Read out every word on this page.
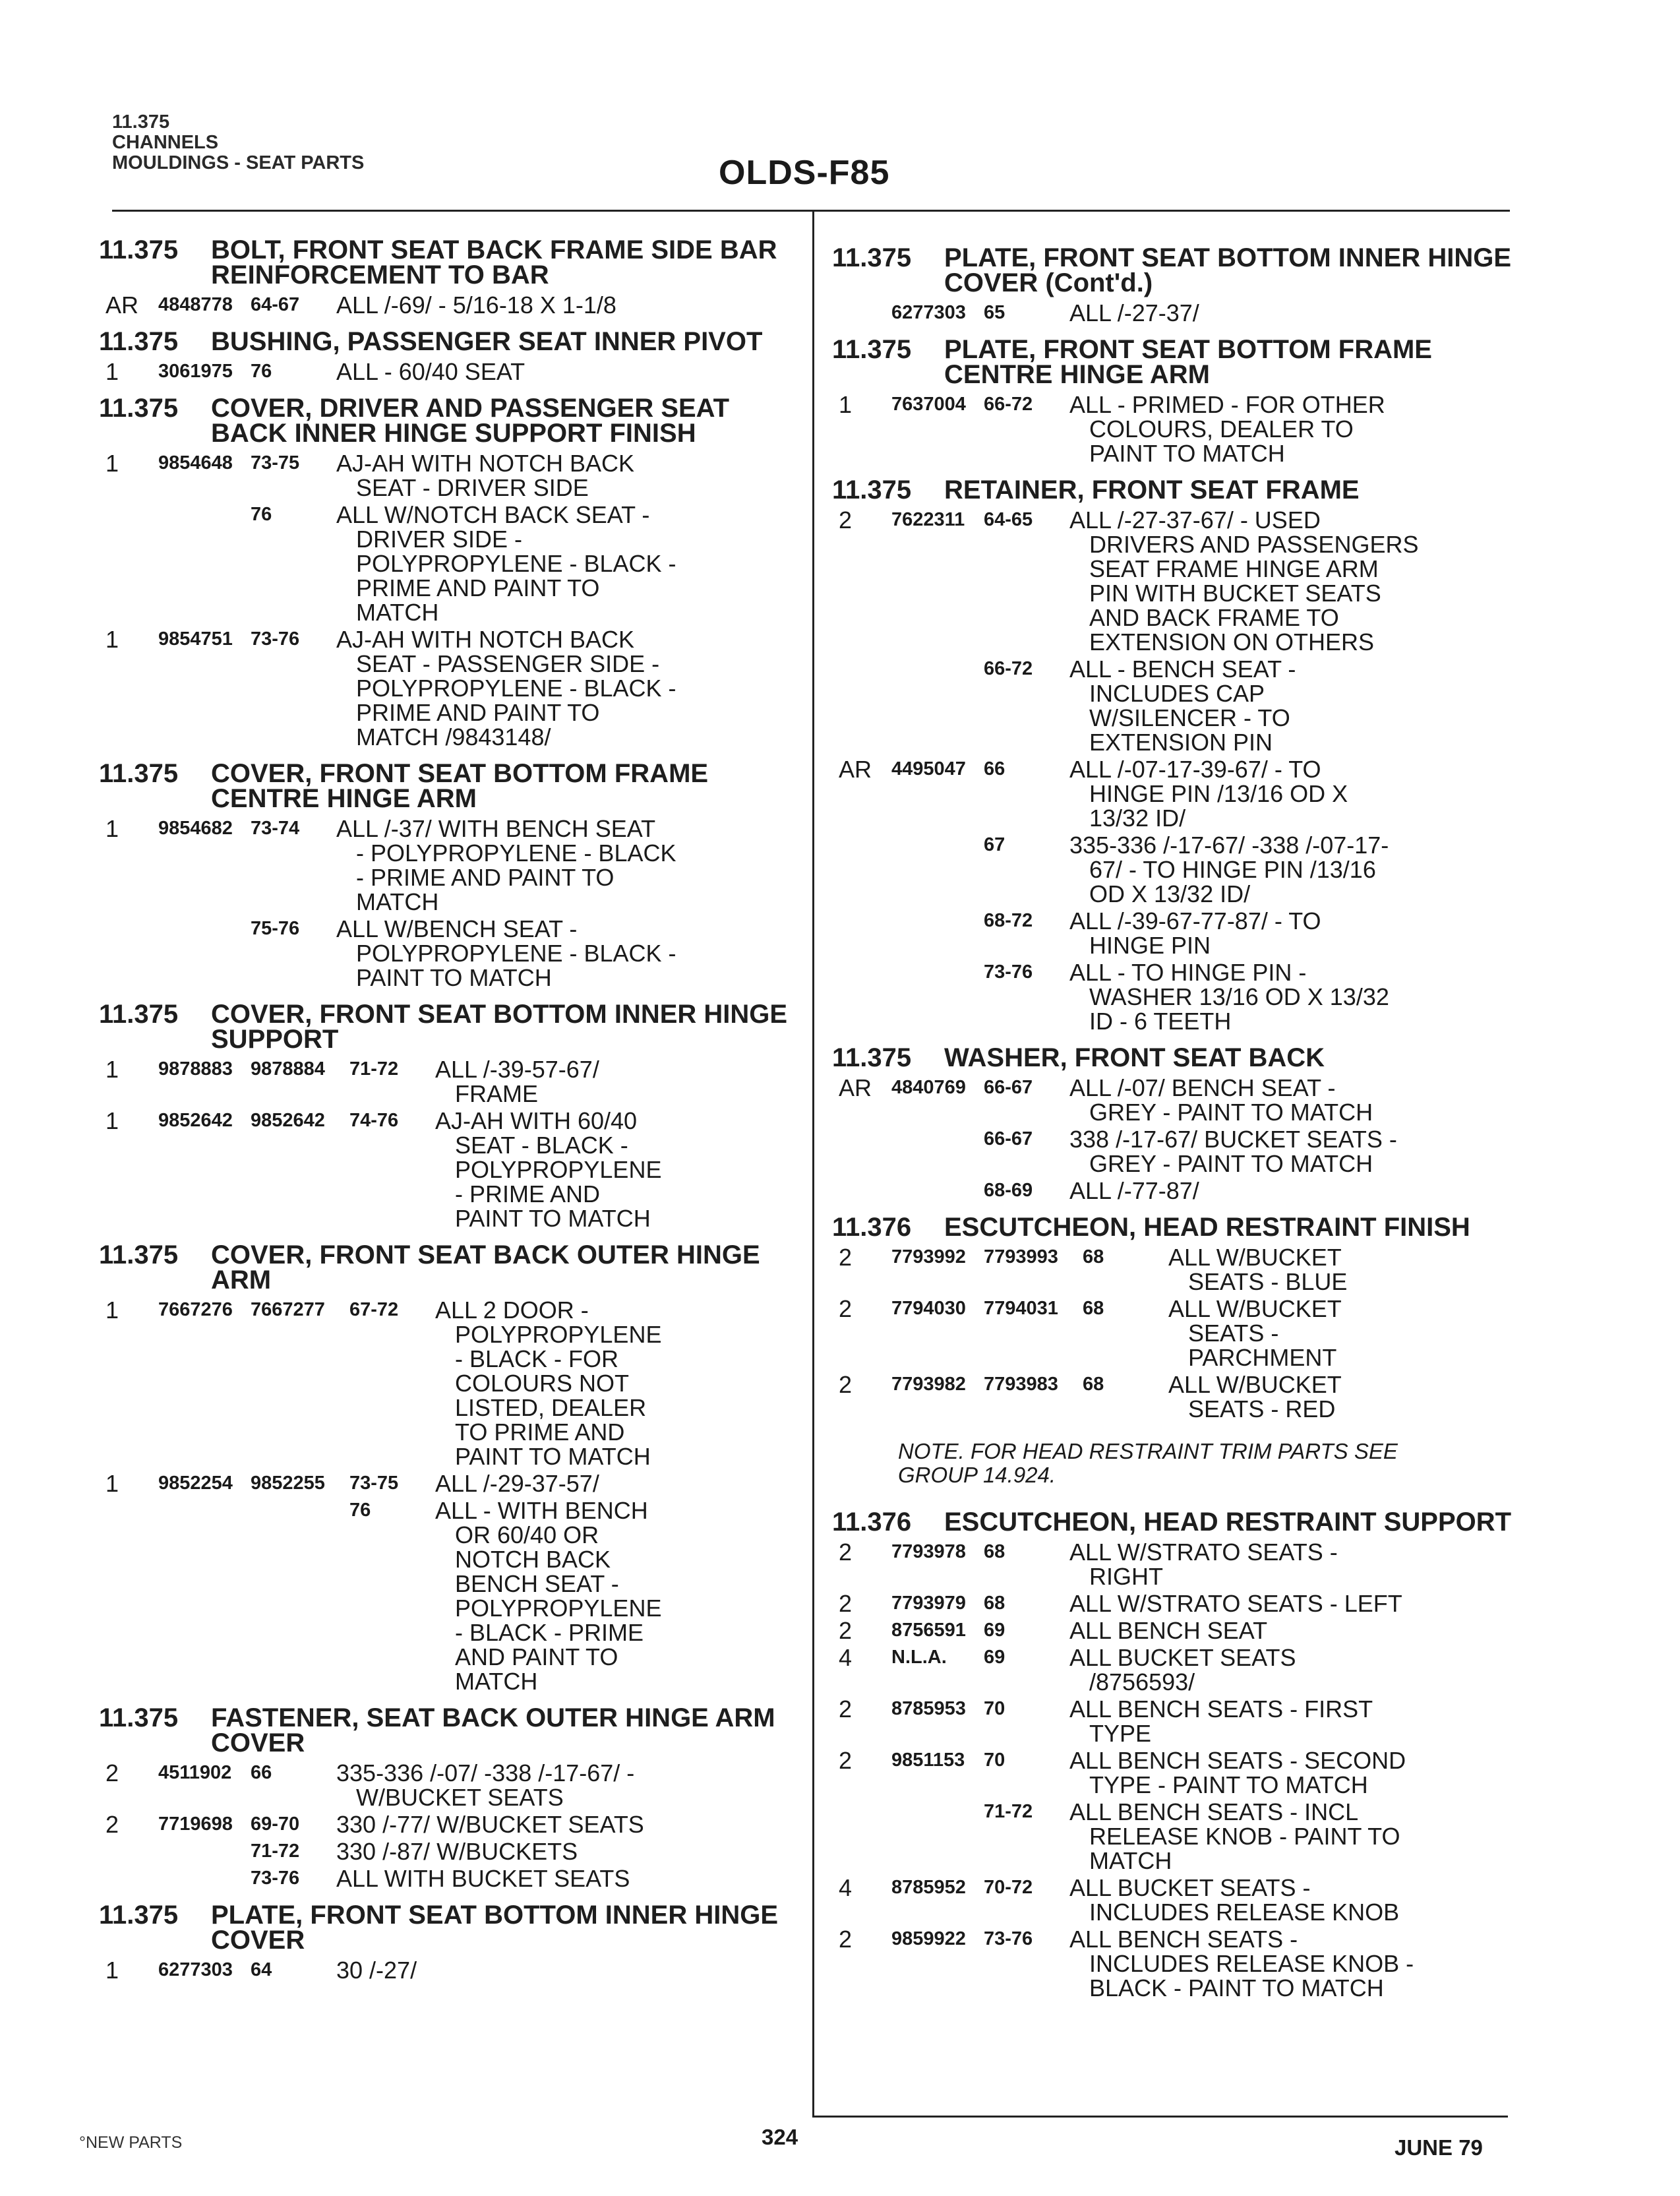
11.375
CHANNELS
MOULDINGS - SEAT PARTS	OLDS-F85
11.375	BOLT, FRONT SEAT BACK FRAME SIDE BAR REINFORCEMENT TO BAR
AR	4848778 64-67	ALL /-69/ - 5/16-18 X 1-1/8
11.375	BUSHING, PASSENGER SEAT INNER PIVOT
1	3061975 76	ALL - 60/40 SEAT
11.375	COVER, DRIVER AND PASSENGER SEAT BACK INNER HINGE SUPPORT FINISH
1	9854648 73-75	AJ-AH WITH NOTCH BACK
SEAT - DRIVER SIDE
76	ALL W/NOTCH BACK SEAT -
DRIVER SIDE -
POLYPROPYLENE - BLACK -
PRIME AND PAINT TO
MATCH
1	9854751 73-76	AJ-AH WITH NOTCH BACK
SEAT - PASSENGER SIDE -
POLYPROPYLENE - BLACK -
PRIME AND PAINT TO
MATCH /9843148/
11.375	COVER, FRONT SEAT BOTTOM FRAME CENTRE HINGE ARM
1	9854682 73-74	ALL /-37/ WITH BENCH SEAT
- POLYPROPYLENE - BLACK
- PRIME AND PAINT TO
MATCH
75-76	ALL W/BENCH SEAT -
POLYPROPYLENE - BLACK -
PAINT TO MATCH
11.375	COVER, FRONT SEAT BOTTOM INNER HINGE SUPPORT
1	9878883 9878884	71-72	ALL /-39-57-67/
FRAME
1	9852642 9852642	74-76	AJ-AH WITH 60/40
SEAT - BLACK -
POLYPROPYLENE
- PRIME AND
PAINT TO MATCH
11.375	COVER, FRONT SEAT BACK OUTER HINGE ARM
1	7667276 7667277	67-72	ALL 2 DOOR -
POLYPROPYLENE
- BLACK - FOR
COLOURS NOT
LISTED, DEALER
TO PRIME AND
PAINT TO MATCH
1	9852254 9852255	73-75	ALL /-29-37-57/
76	ALL - WITH BENCH
OR 60/40 OR
NOTCH BACK
BENCH SEAT -
POLYPROPYLENE
- BLACK - PRIME
AND PAINT TO
MATCH
11.375	FASTENER, SEAT BACK OUTER HINGE ARM COVER
2	4511902 66	335-336 /-07/ -338 /-17-67/ -
W/BUCKET SEATS
2	7719698 69-70	330 /-77/ W/BUCKET SEATS
71-72	330 /-87/ W/BUCKETS
73-76	ALL WITH BUCKET SEATS
11.375	PLATE, FRONT SEAT BOTTOM INNER HINGE COVER
1	6277303 64	30 /-27/
11.375	PLATE, FRONT SEAT BOTTOM INNER HINGE COVER (Cont'd.)
6277303 65	ALL /-27-37/
11.375	PLATE, FRONT SEAT BOTTOM FRAME CENTRE HINGE ARM
1	7637004 66-72	ALL - PRIMED - FOR OTHER
COLOURS, DEALER TO
PAINT TO MATCH
11.375	RETAINER, FRONT SEAT FRAME
2	7622311 64-65	ALL /-27-37-67/ - USED
DRIVERS AND PASSENGERS
SEAT FRAME HINGE ARM
PIN WITH BUCKET SEATS
AND BACK FRAME TO
EXTENSION ON OTHERS
66-72	ALL - BENCH SEAT -
INCLUDES CAP
W/SILENCER - TO
EXTENSION PIN
AR	4495047 66	ALL /-07-17-39-67/ - TO
HINGE PIN /13/16 OD X
13/32 ID/
67	335-336 /-17-67/ -338 /-07-17-
67/ - TO HINGE PIN /13/16
OD X 13/32 ID/
68-72	ALL /-39-67-77-87/ - TO
HINGE PIN
73-76	ALL - TO HINGE PIN -
WASHER 13/16 OD X 13/32
ID - 6 TEETH
11.375	WASHER, FRONT SEAT BACK
AR	4840769 66-67	ALL /-07/ BENCH SEAT -
GREY - PAINT TO MATCH
66-67	338 /-17-67/ BUCKET SEATS -
GREY - PAINT TO MATCH
68-69	ALL /-77-87/
11.376	ESCUTCHEON, HEAD RESTRAINT FINISH
2	7793992 7793993	68	ALL W/BUCKET
SEATS - BLUE
2	7794030 7794031	68	ALL W/BUCKET
SEATS -
PARCHMENT
2	7793982 7793983	68	ALL W/BUCKET
SEATS - RED
NOTE. FOR HEAD RESTRAINT TRIM PARTS SEE
GROUP 14.924.
11.376	ESCUTCHEON, HEAD RESTRAINT SUPPORT
2	7793978 68	ALL W/STRATO SEATS -
RIGHT
2	7793979 68	ALL W/STRATO SEATS - LEFT
2	8756591 69	ALL BENCH SEAT
4	N.L.A.	69	ALL BUCKET SEATS
/8756593/
2	8785953 70	ALL BENCH SEATS - FIRST
TYPE
2	9851153 70	ALL BENCH SEATS - SECOND
TYPE - PAINT TO MATCH
71-72	ALL BENCH SEATS - INCL
RELEASE KNOB - PAINT TO
MATCH
4	8785952 70-72	ALL BUCKET SEATS -
INCLUDES RELEASE KNOB
2	9859922 73-76	ALL BENCH SEATS -
INCLUDES RELEASE KNOB -
BLACK - PAINT TO MATCH
°NEW PARTS	324	JUNE 79
